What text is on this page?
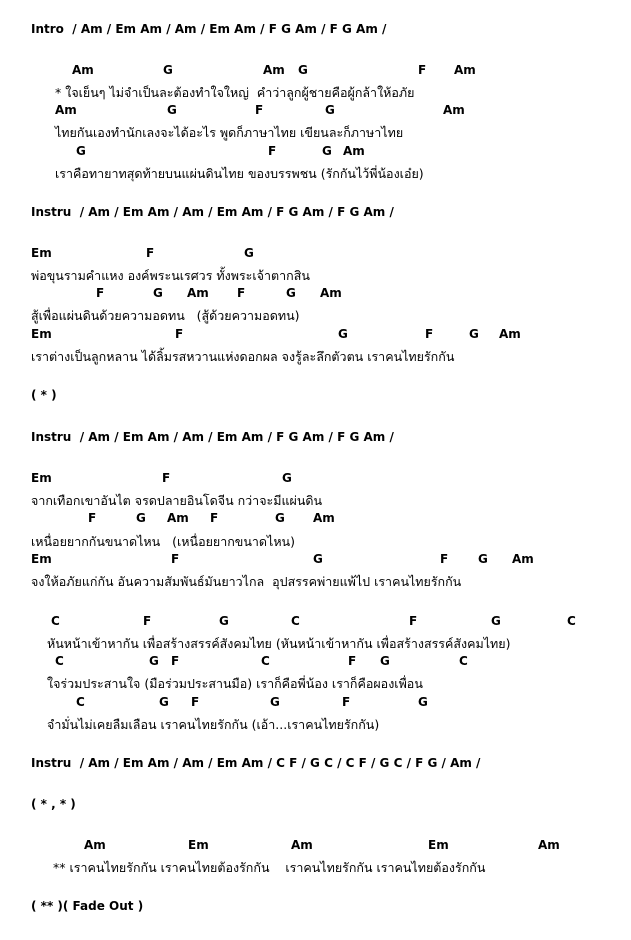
Intro  / Am / Em Am / Am / Em Am / F G Am / F G Am /
Am	G	Am G	F Am
* ใจเย็นๆ ไม่จำเป็นละต้องทำใจใหญ่  คำว่าลูกผู้ชายคือผู้กล้าให้อภัย
Am	G	F	G	Am
ไทยกันเองทำนักเลงจะได้อะไร พูดก็ภาษาไทย เขียนละก็ภาษาไทย
G	F	G Am
เราคือทายาทสุดท้ายบนแผ่นดินไทย ของบรรพชน (รักกันไว้พี่น้องเอ๋ย)
Instru  / Am / Em Am / Am / Em Am / F G Am / F G Am /
Em	F	G
พ่อขุนรามคำแหง องค์พระนเรศวร ทั้งพระเจ้าตากสิน
F	G Am F	G Am
สู้เพื่อแผ่นดินด้วยความอดทน   (สู้ด้วยความอดทน)
Em	F	G	F	G Am
เราต่างเป็นลูกหลาน ได้ลิ้มรสหวานแห่งดอกผล จงรู้ละลึกตัวตน เราคนไทยรักกัน
( * )
Instru  / Am / Em Am / Am / Em Am / F G Am / F G Am /
Em	F	G
จากเทือกเขาอันไต จรดปลายอินโดจีน กว่าจะมีแผ่นดิน
F	G Am F	G Am
เหนื่อยยากกันขนาดไหน   (เหนื่อยยากขนาดไหน)
Em	F	G	F G Am
จงให้อภัยแก่กัน อันความสัมพันธ์มันยาวไกล  อุปสรรคพ่ายแพ้ไป เราคนไทยรักกัน
C	F	G	C	F	G	C
หันหน้าเข้าหากัน เพื่อสร้างสรรค์สังคมไทย (หันหน้าเข้าหากัน เพื่อสร้างสรรค์สังคมไทย)
C	G F	C	F G	C
ใจร่วมประสานใจ (มือร่วมประสานมือ) เราก็คือพี่น้อง เราก็คือผองเพื่อน
C	G F	G	F	G
จำมั่นไม่เคยลืมเลือน เราคนไทยรักกัน (เอ้า...เราคนไทยรักกัน)
Instru  / Am / Em Am / Am / Em Am / C F / G C / C F / G C / F G / Am /
( * , * )
Am	Em	Am	Em	Am
** เราคนไทยรักกัน เราคนไทยต้องรักกัน    เราคนไทยรักกัน เราคนไทยต้องรักกัน
( ** )( Fade Out )
